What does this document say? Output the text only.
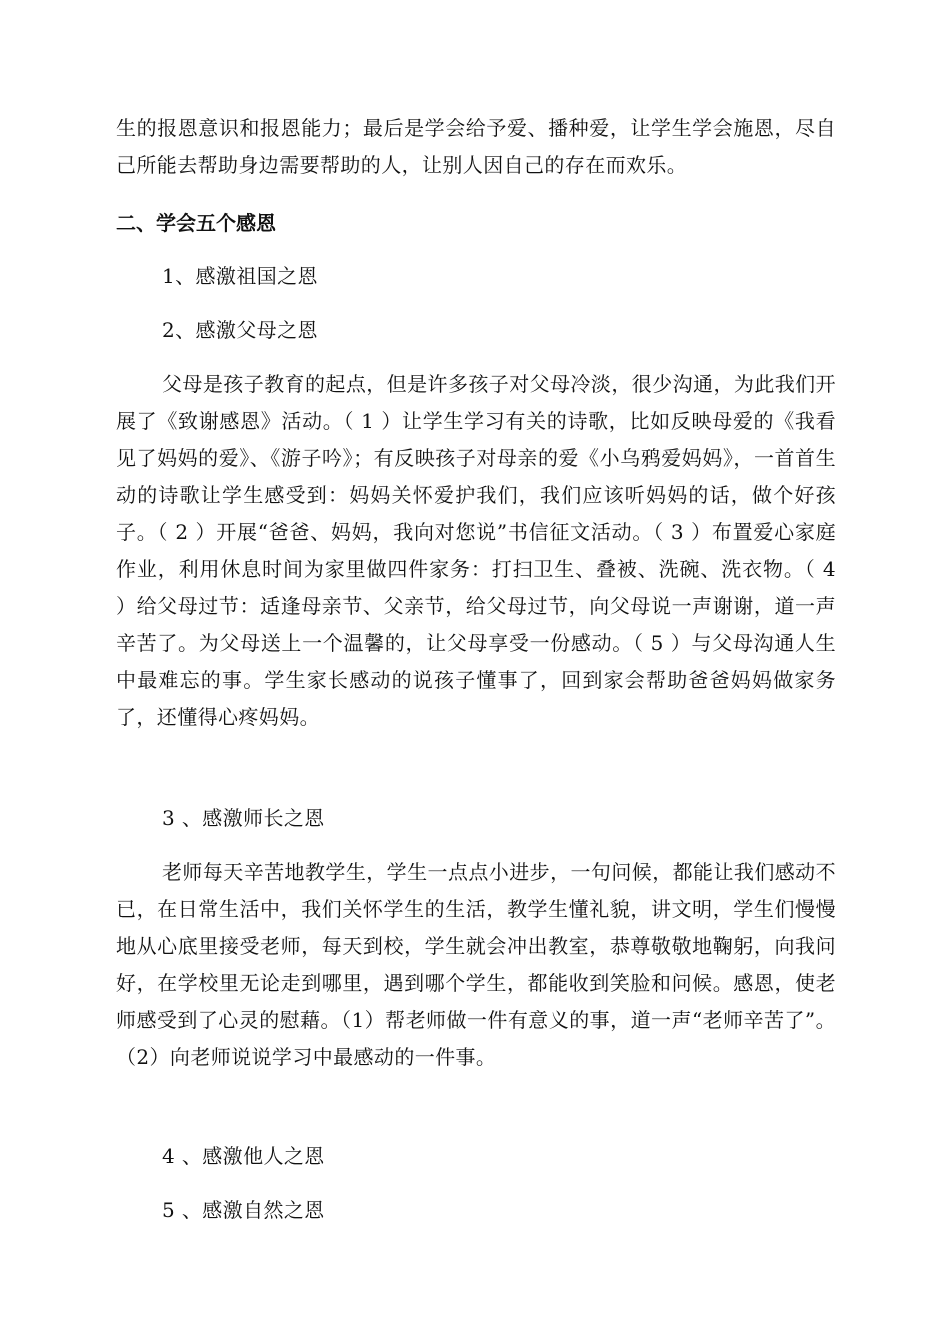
生的报恩意识和报恩能力；最后是学会给予爱、播种爱，让学生学会施恩，尽自己所能去帮助身边需要帮助的人，让别人因自己的存在而欢乐。

二、学会五个感恩

1、感激祖国之恩

2、感激父母之恩

父母是孩子教育的起点，但是许多孩子对父母冷淡，很少沟通，为此我们开展了《致谢感恩》活动。（ 1 ）让学生学习有关的诗歌，比如反映母爱的《我看见了妈妈的爱》、《游子吟》；有反映孩子对母亲的爱《小乌鸦爱妈妈》，一首首生动的诗歌让学生感受到：妈妈关怀爱护我们，我们应该听妈妈的话，做个好孩子。（ 2 ）开展“爸爸、妈妈，我向对您说”书信征文活动。（ 3 ）布置爱心家庭作业，利用休息时间为家里做四件家务：打扫卫生、叠被、洗碗、洗衣物。（ 4 ）给父母过节：适逢母亲节、父亲节，给父母过节，向父母说一声谢谢，道一声辛苦了。为父母送上一个温馨的，让父母享受一份感动。（ 5 ）与父母沟通人生中最难忘的事。学生家长感动的说孩子懂事了，回到家会帮助爸爸妈妈做家务了，还懂得心疼妈妈。

3 、感激师长之恩

老师每天辛苦地教学生，学生一点点小进步，一句问候，都能让我们感动不已，在日常生活中，我们关怀学生的生活，教学生懂礼貌，讲文明，学生们慢慢地从心底里接受老师，每天到校，学生就会冲出教室，恭尊敬敬地鞠躬，向我问好，在学校里无论走到哪里，遇到哪个学生，都能收到笑脸和问候。感恩，使老师感受到了心灵的慰藉。（1）帮老师做一件有意义的事，道一声“老师辛苦了”。（2）向老师说说学习中最感动的一件事。

4 、感激他人之恩

5 、感激自然之恩
